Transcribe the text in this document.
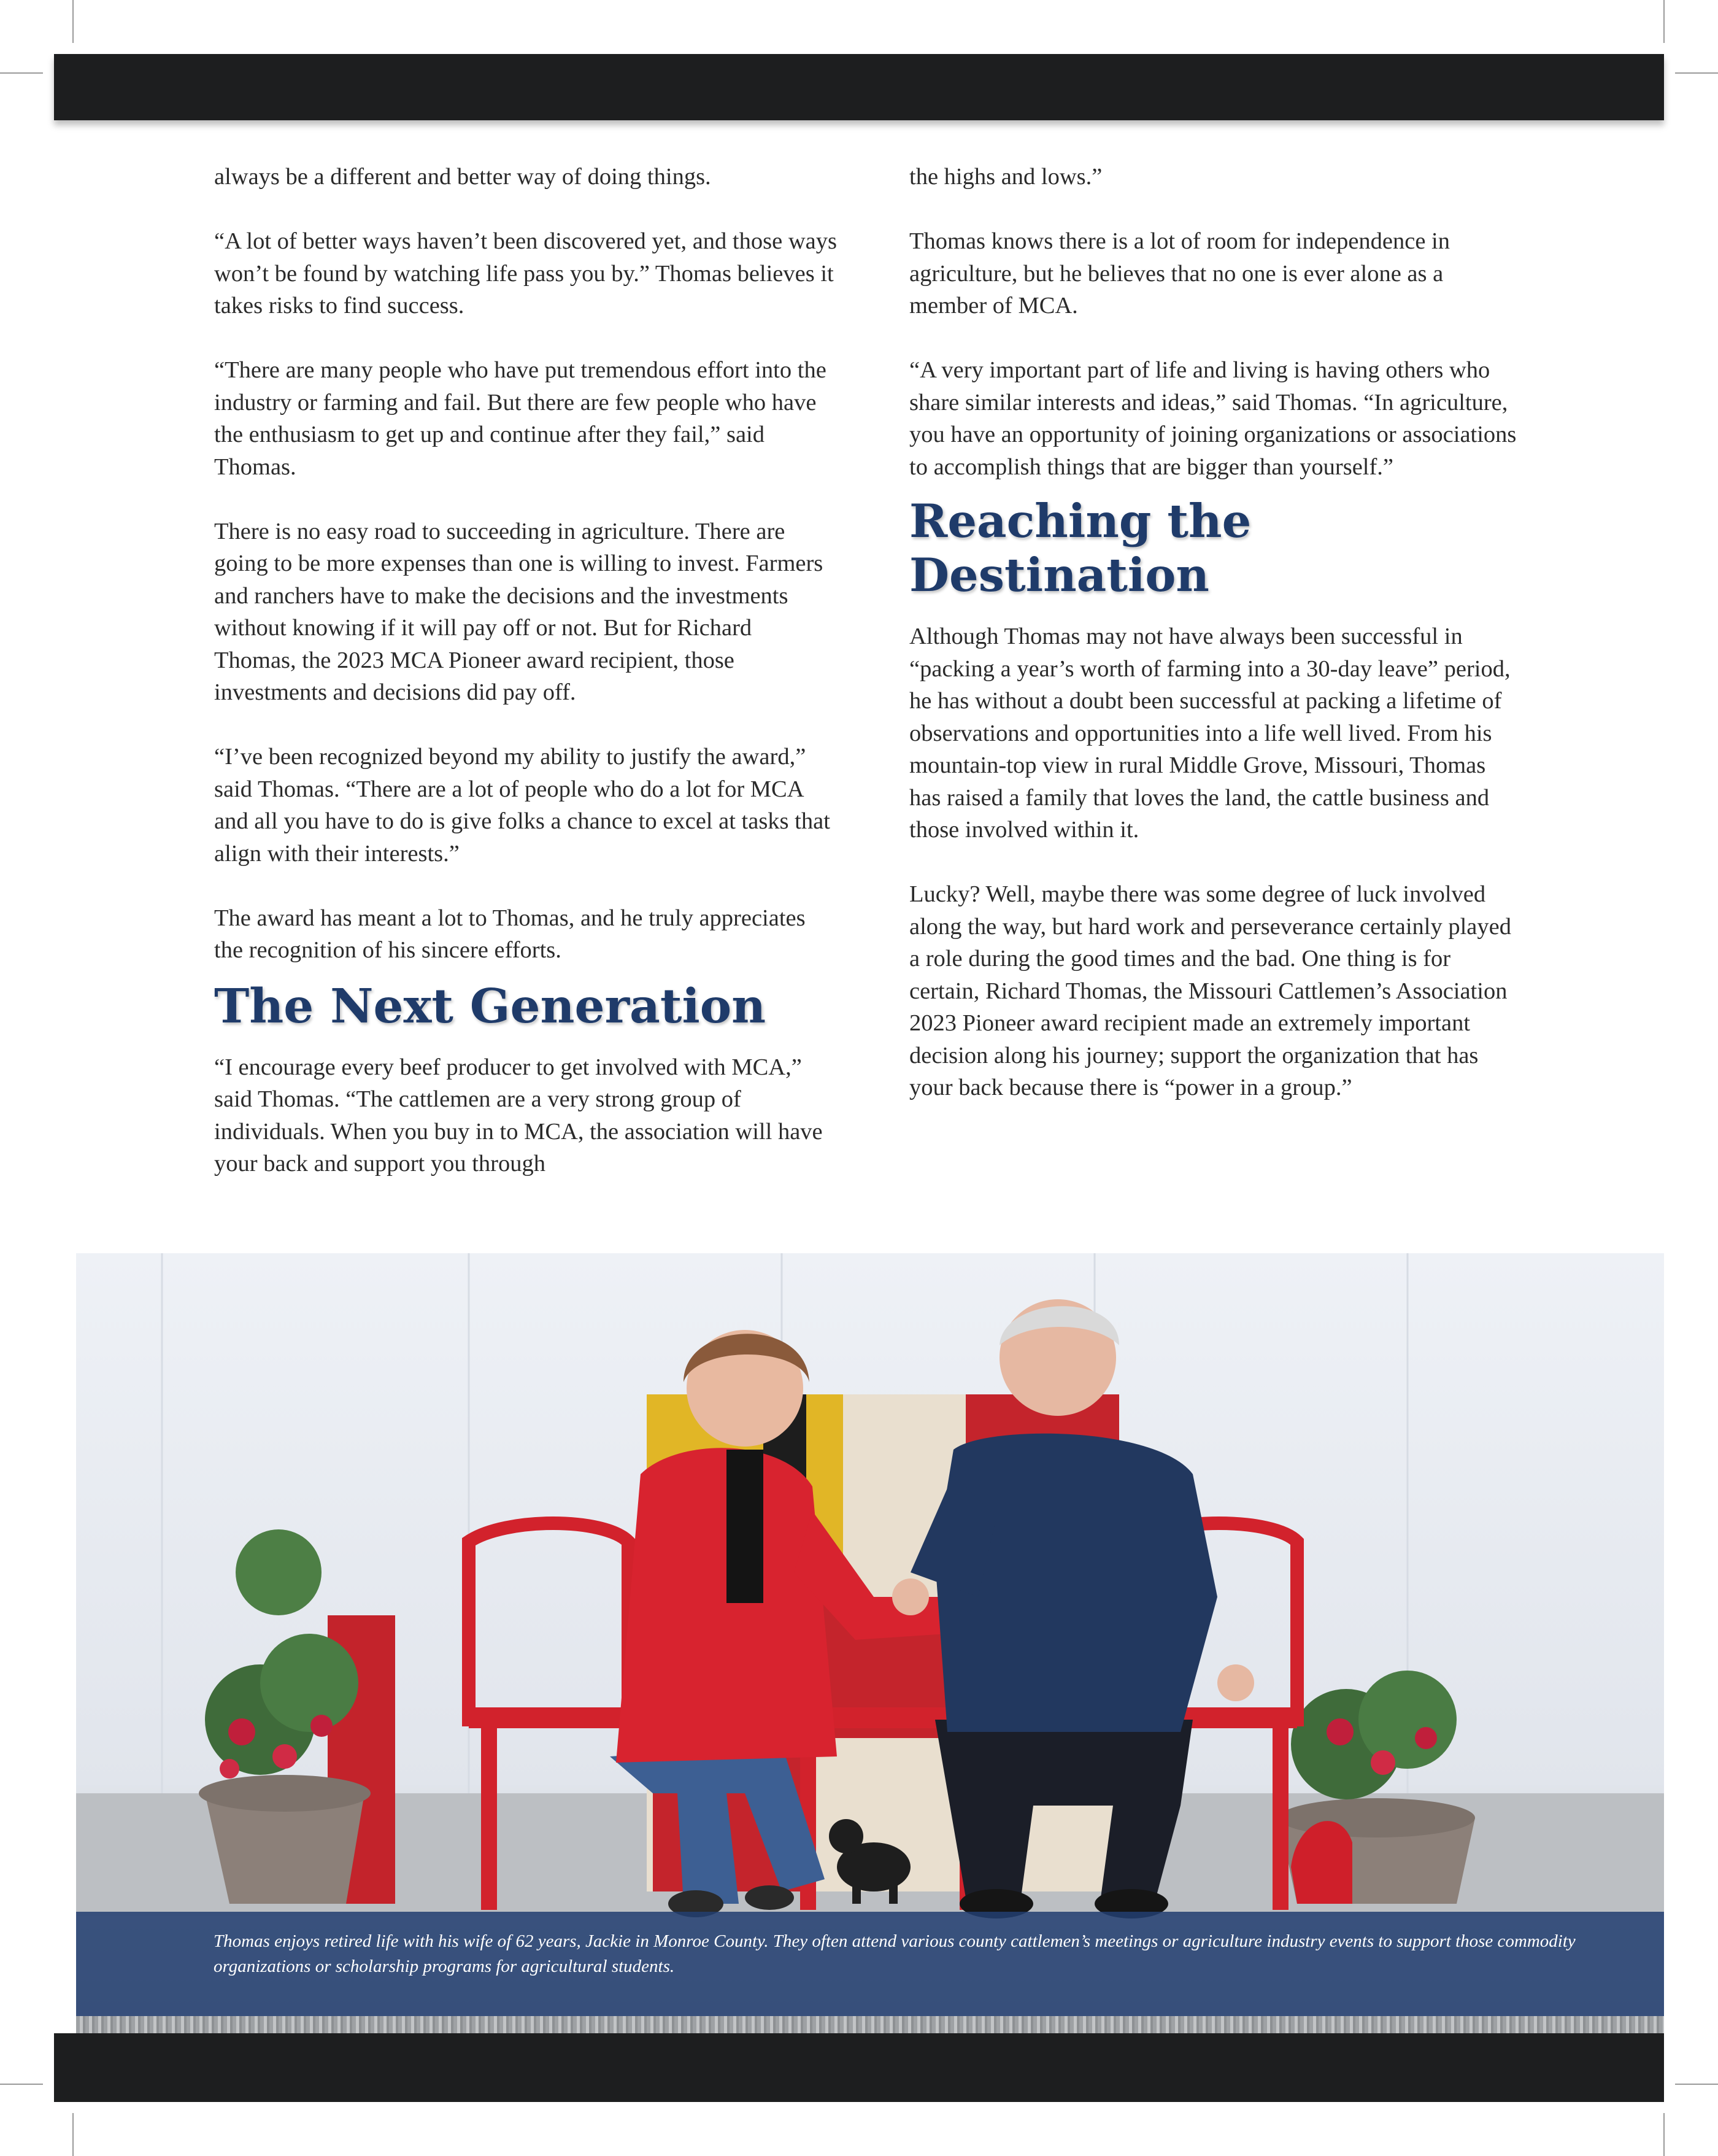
always be a different and better way of doing things.

“A lot of better ways haven’t been discovered yet, and those ways won’t be found by watching life pass you by.” Thomas believes it takes risks to find success.

“There are many people who have put tremendous effort into the industry or farming and fail. But there are few people who have the enthusiasm to get up and continue after they fail,” said Thomas.

There is no easy road to succeeding in agriculture. There are going to be more expenses than one is willing to invest. Farmers and ranchers have to make the decisions and the investments without knowing if it will pay off or not. But for Richard Thomas, the 2023 MCA Pioneer award recipient, those investments and decisions did pay off.

“I’ve been recognized beyond my ability to justify the award,” said Thomas. “There are a lot of people who do a lot for MCA and all you have to do is give folks a chance to excel at tasks that align with their interests.”

The award has meant a lot to Thomas, and he truly appreciates the recognition of his sincere efforts.

The Next Generation

“I encourage every beef producer to get involved with MCA,” said Thomas. “The cattlemen are a very strong group of individuals. When you buy in to MCA, the association will have your back and support you through

the highs and lows.”

Thomas knows there is a lot of room for independence in agriculture, but he believes that no one is ever alone as a member of MCA.

“A very important part of life and living is having others who share similar interests and ideas,” said Thomas. “In agriculture, you have an opportunity of joining organizations or associations to accomplish things that are bigger than yourself.”

Reaching the Destination

Although Thomas may not have always been successful in “packing a year’s worth of farming into a 30-day leave” period, he has without a doubt been successful at packing a lifetime of observations and opportunities into a life well lived. From his mountain-top view in rural Middle Grove, Missouri, Thomas has raised a family that loves the land, the cattle business and those involved within it.

Lucky? Well, maybe there was some degree of luck involved along the way, but hard work and perseverance certainly played a role during the good times and the bad. One thing is for certain, Richard Thomas, the Missouri Cattlemen’s Association 2023 Pioneer award recipient made an extremely important decision along his journey; support the organization that has your back because there is “power in a group.”

Thomas enjoys retired life with his wife of 62 years, Jackie in Monroe County. They often attend various county cattlemen’s meetings or agriculture industry events to support those commodity organizations or scholarship programs for agricultural students.
